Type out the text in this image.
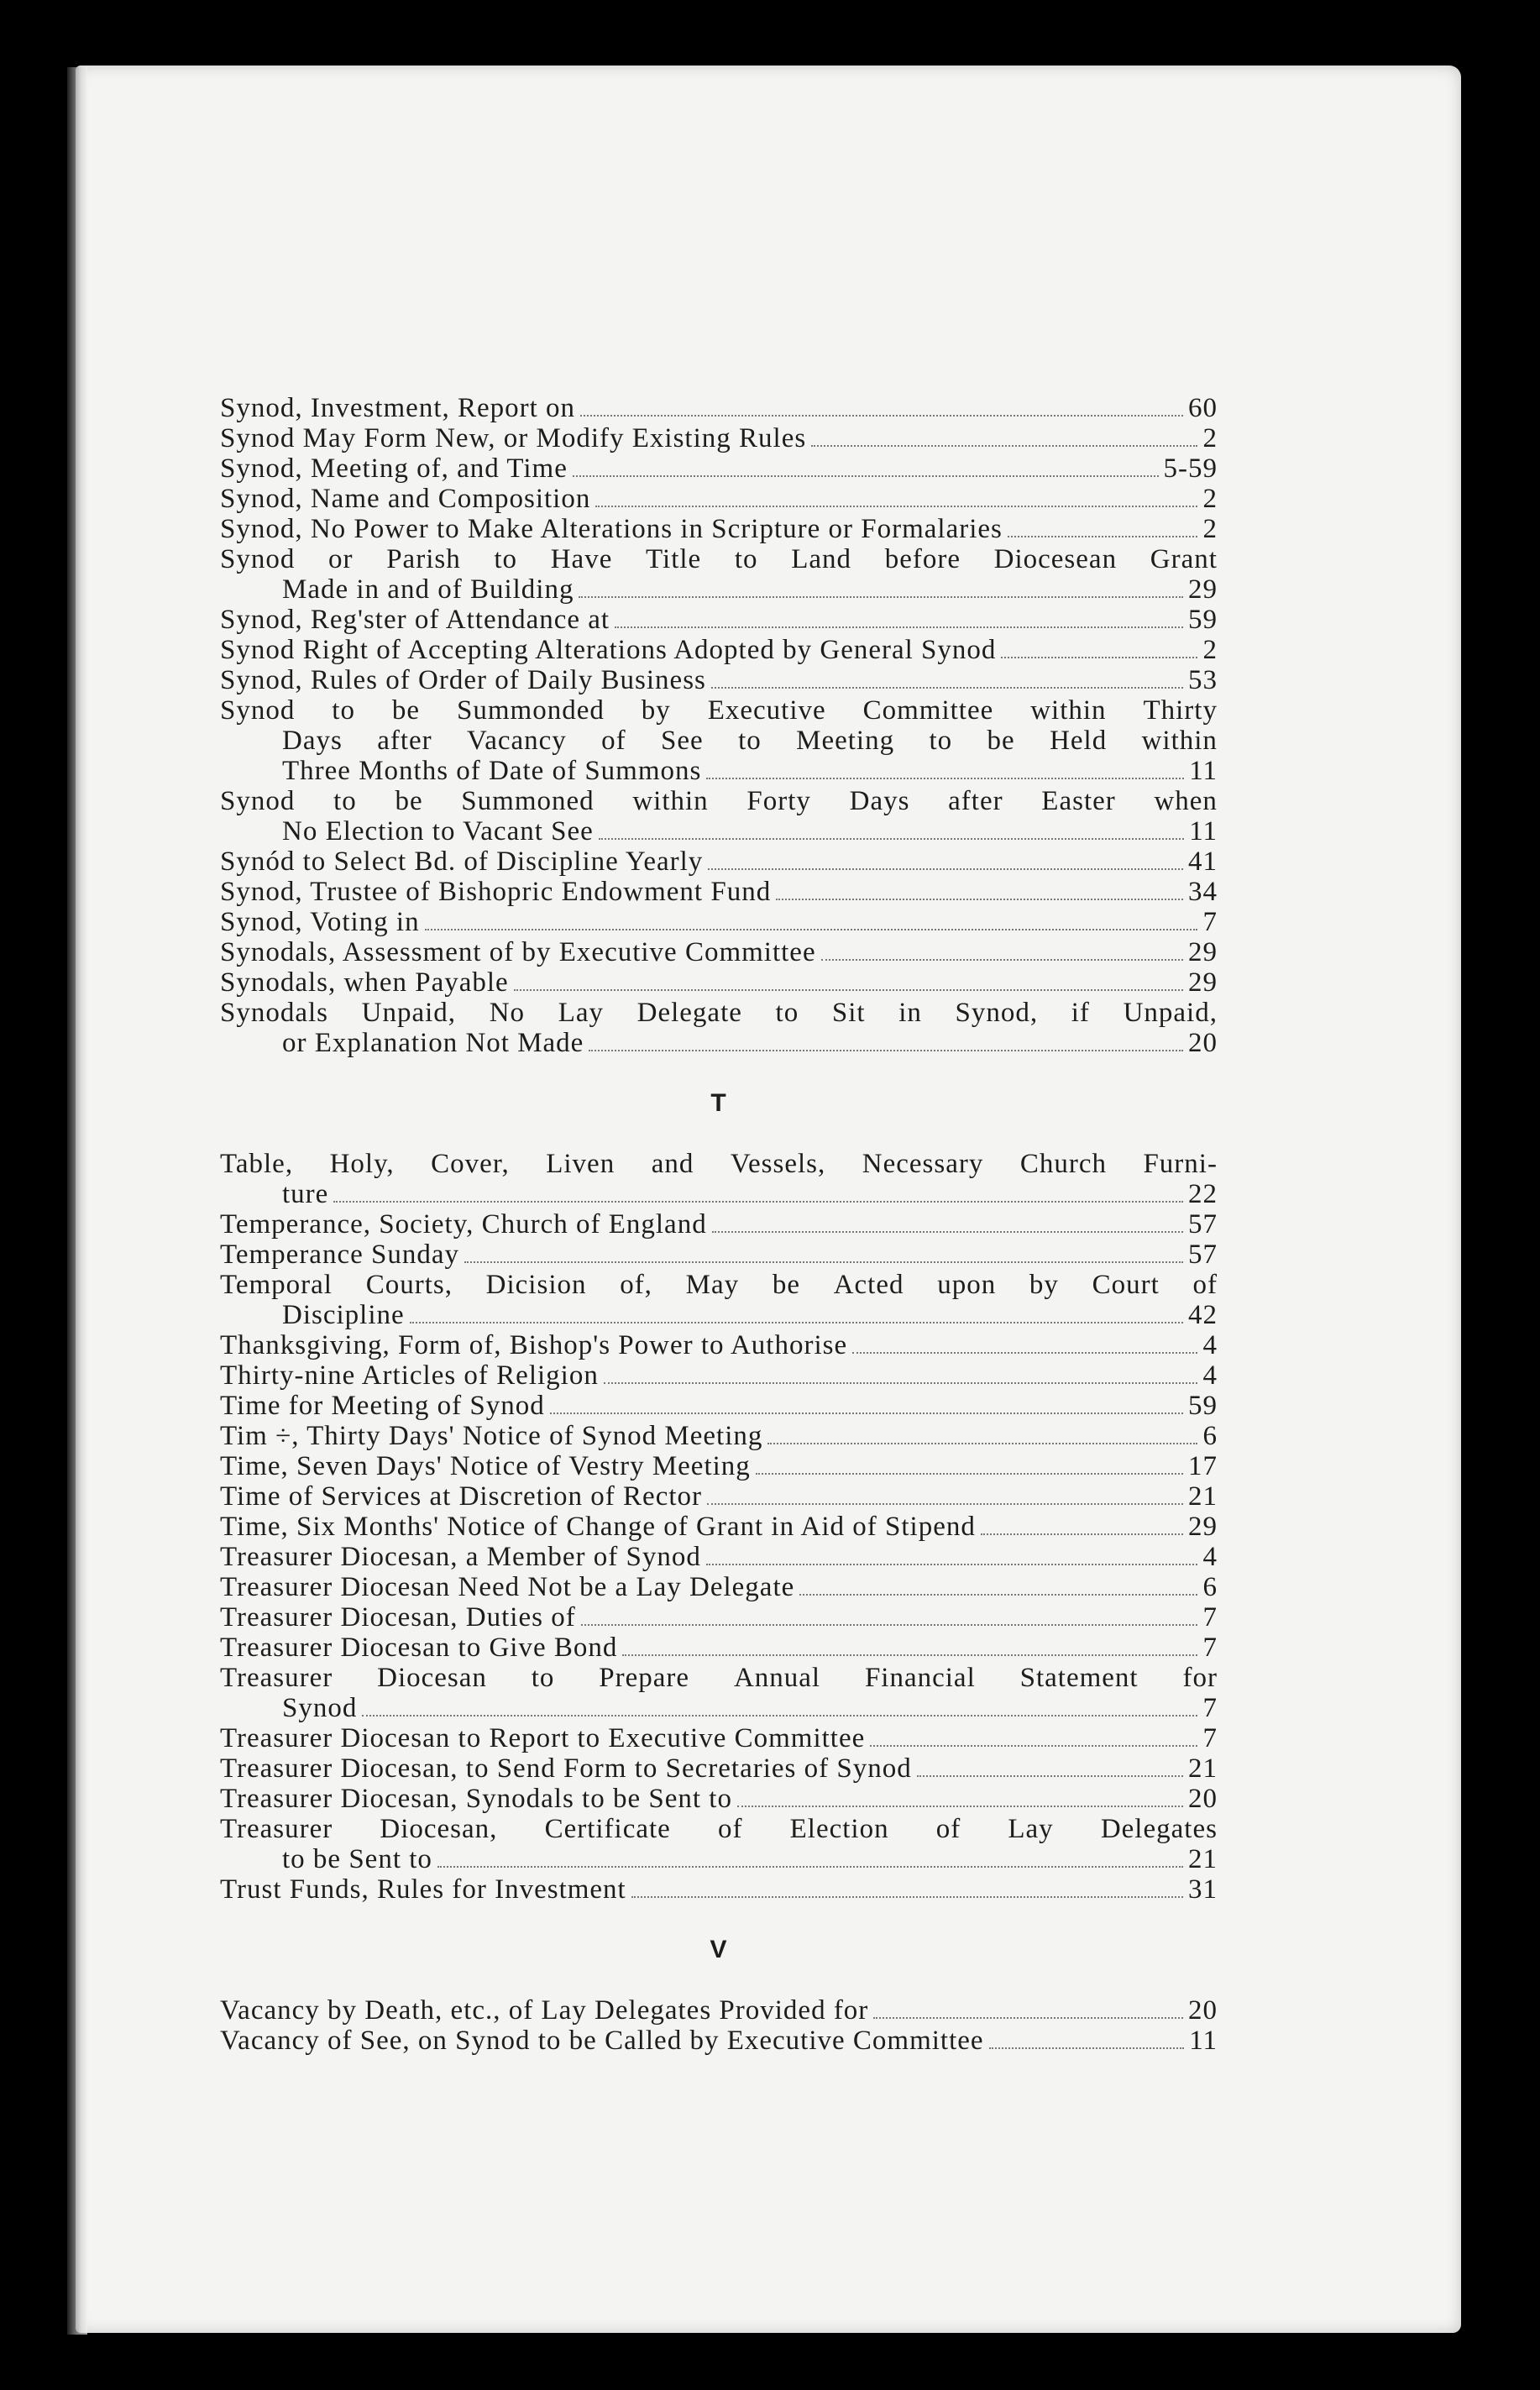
Synod, Investment, Report on	60
Synod May Form New, or Modify Existing Rules	2
Synod, Meeting of, and Time	5-59
Synod, Name and Composition	2
Synod, No Power to Make Alterations in Scripture or Formalaries	2
Synod or Parish to Have Title to Land before Diocesean Grant
Made in and of Building	29
Synod, Reg'ster of Attendance at	59
Synod Right of Accepting Alterations Adopted by General Synod	2
Synod, Rules of Order of Daily Business	53
Synod to be Summonded by Executive Committee within Thirty
Days after Vacancy of See to Meeting to be Held within
Three Months of Date of Summons	11
Synod to be Summoned within Forty Days after Easter when
No Election to Vacant See	11
Synód to Select Bd. of Discipline Yearly	41
Synod, Trustee of Bishopric Endowment Fund	34
Synod, Voting in	7
Synodals, Assessment of by Executive Committee	29
Synodals, when Payable	29
Synodals Unpaid, No Lay Delegate to Sit in Synod, if Unpaid,
or Explanation Not Made	20
T
Table, Holy, Cover, Liven and Vessels, Necessary Church Furni-
ture	22
Temperance, Society, Church of England	57
Temperance Sunday	57
Temporal Courts, Dicision of, May be Acted upon by Court of
Discipline	42
Thanksgiving, Form of, Bishop's Power to Authorise	4
Thirty-nine Articles of Religion	4
Time for Meeting of Synod	59
Tim ÷, Thirty Days' Notice of Synod Meeting	6
Time, Seven Days' Notice of Vestry Meeting	17
Time of Services at Discretion of Rector	21
Time, Six Months' Notice of Change of Grant in Aid of Stipend	29
Treasurer Diocesan, a Member of Synod	4
Treasurer Diocesan Need Not be a Lay Delegate	6
Treasurer Diocesan, Duties of	7
Treasurer Diocesan to Give Bond	7
Treasurer Diocesan to Prepare Annual Financial Statement for
Synod	7
Treasurer Diocesan to Report to Executive Committee	7
Treasurer Diocesan, to Send Form to Secretaries of Synod	21
Treasurer Diocesan, Synodals to be Sent to	20
Treasurer Diocesan, Certificate of Election of Lay Delegates
to be Sent to	21
Trust Funds, Rules for Investment	31
V
Vacancy by Death, etc., of Lay Delegates Provided for	20
Vacancy of See, on Synod to be Called by Executive Committee	11
